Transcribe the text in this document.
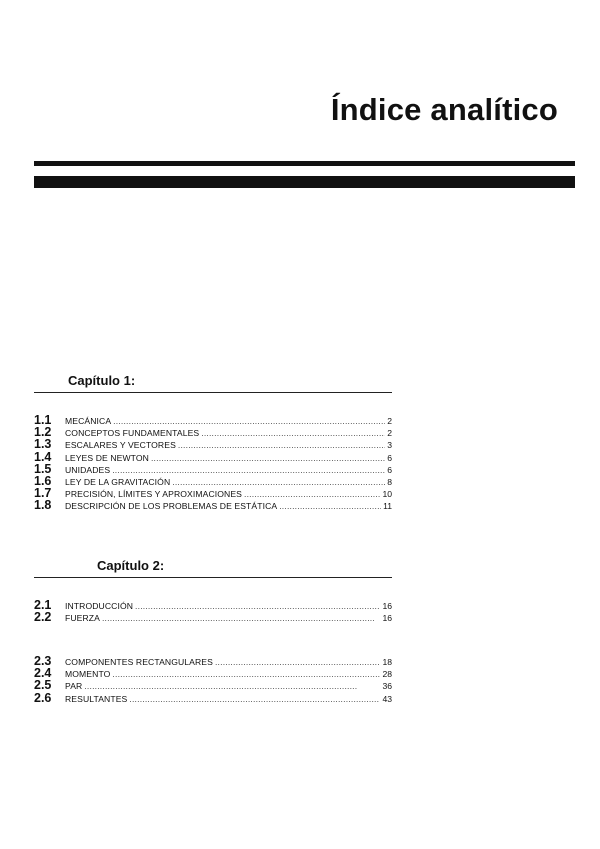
Índice analítico
Capítulo 1:
1.1	MECÁNICA . . .	2
1.2	CONCEPTOS FUNDAMENTALES . . .	2
1.3	ESCALARES Y VECTORES . . .	3
1.4	LEYES DE NEWTON . . .	6
1.5	UNIDADES . . .	6
1.6	LEY DE LA GRAVITACIÓN . . .	8
1.7	PRECISIÓN, LÍMITES Y APROXIMACIONES . . .	10
1.8	DESCRIPCIÓN DE LOS PROBLEMAS DE ESTÁTICA . . .	11
Capítulo 2:
2.1	INTRODUCCIÓN . . .	16
2.2	FUERZA . . .	16
2.3	COMPONENTES RECTANGULARES . . .	18
2.4	MOMENTO . . .	28
2.5	PAR . . .	36
2.6	RESULTANTES . . .	43
